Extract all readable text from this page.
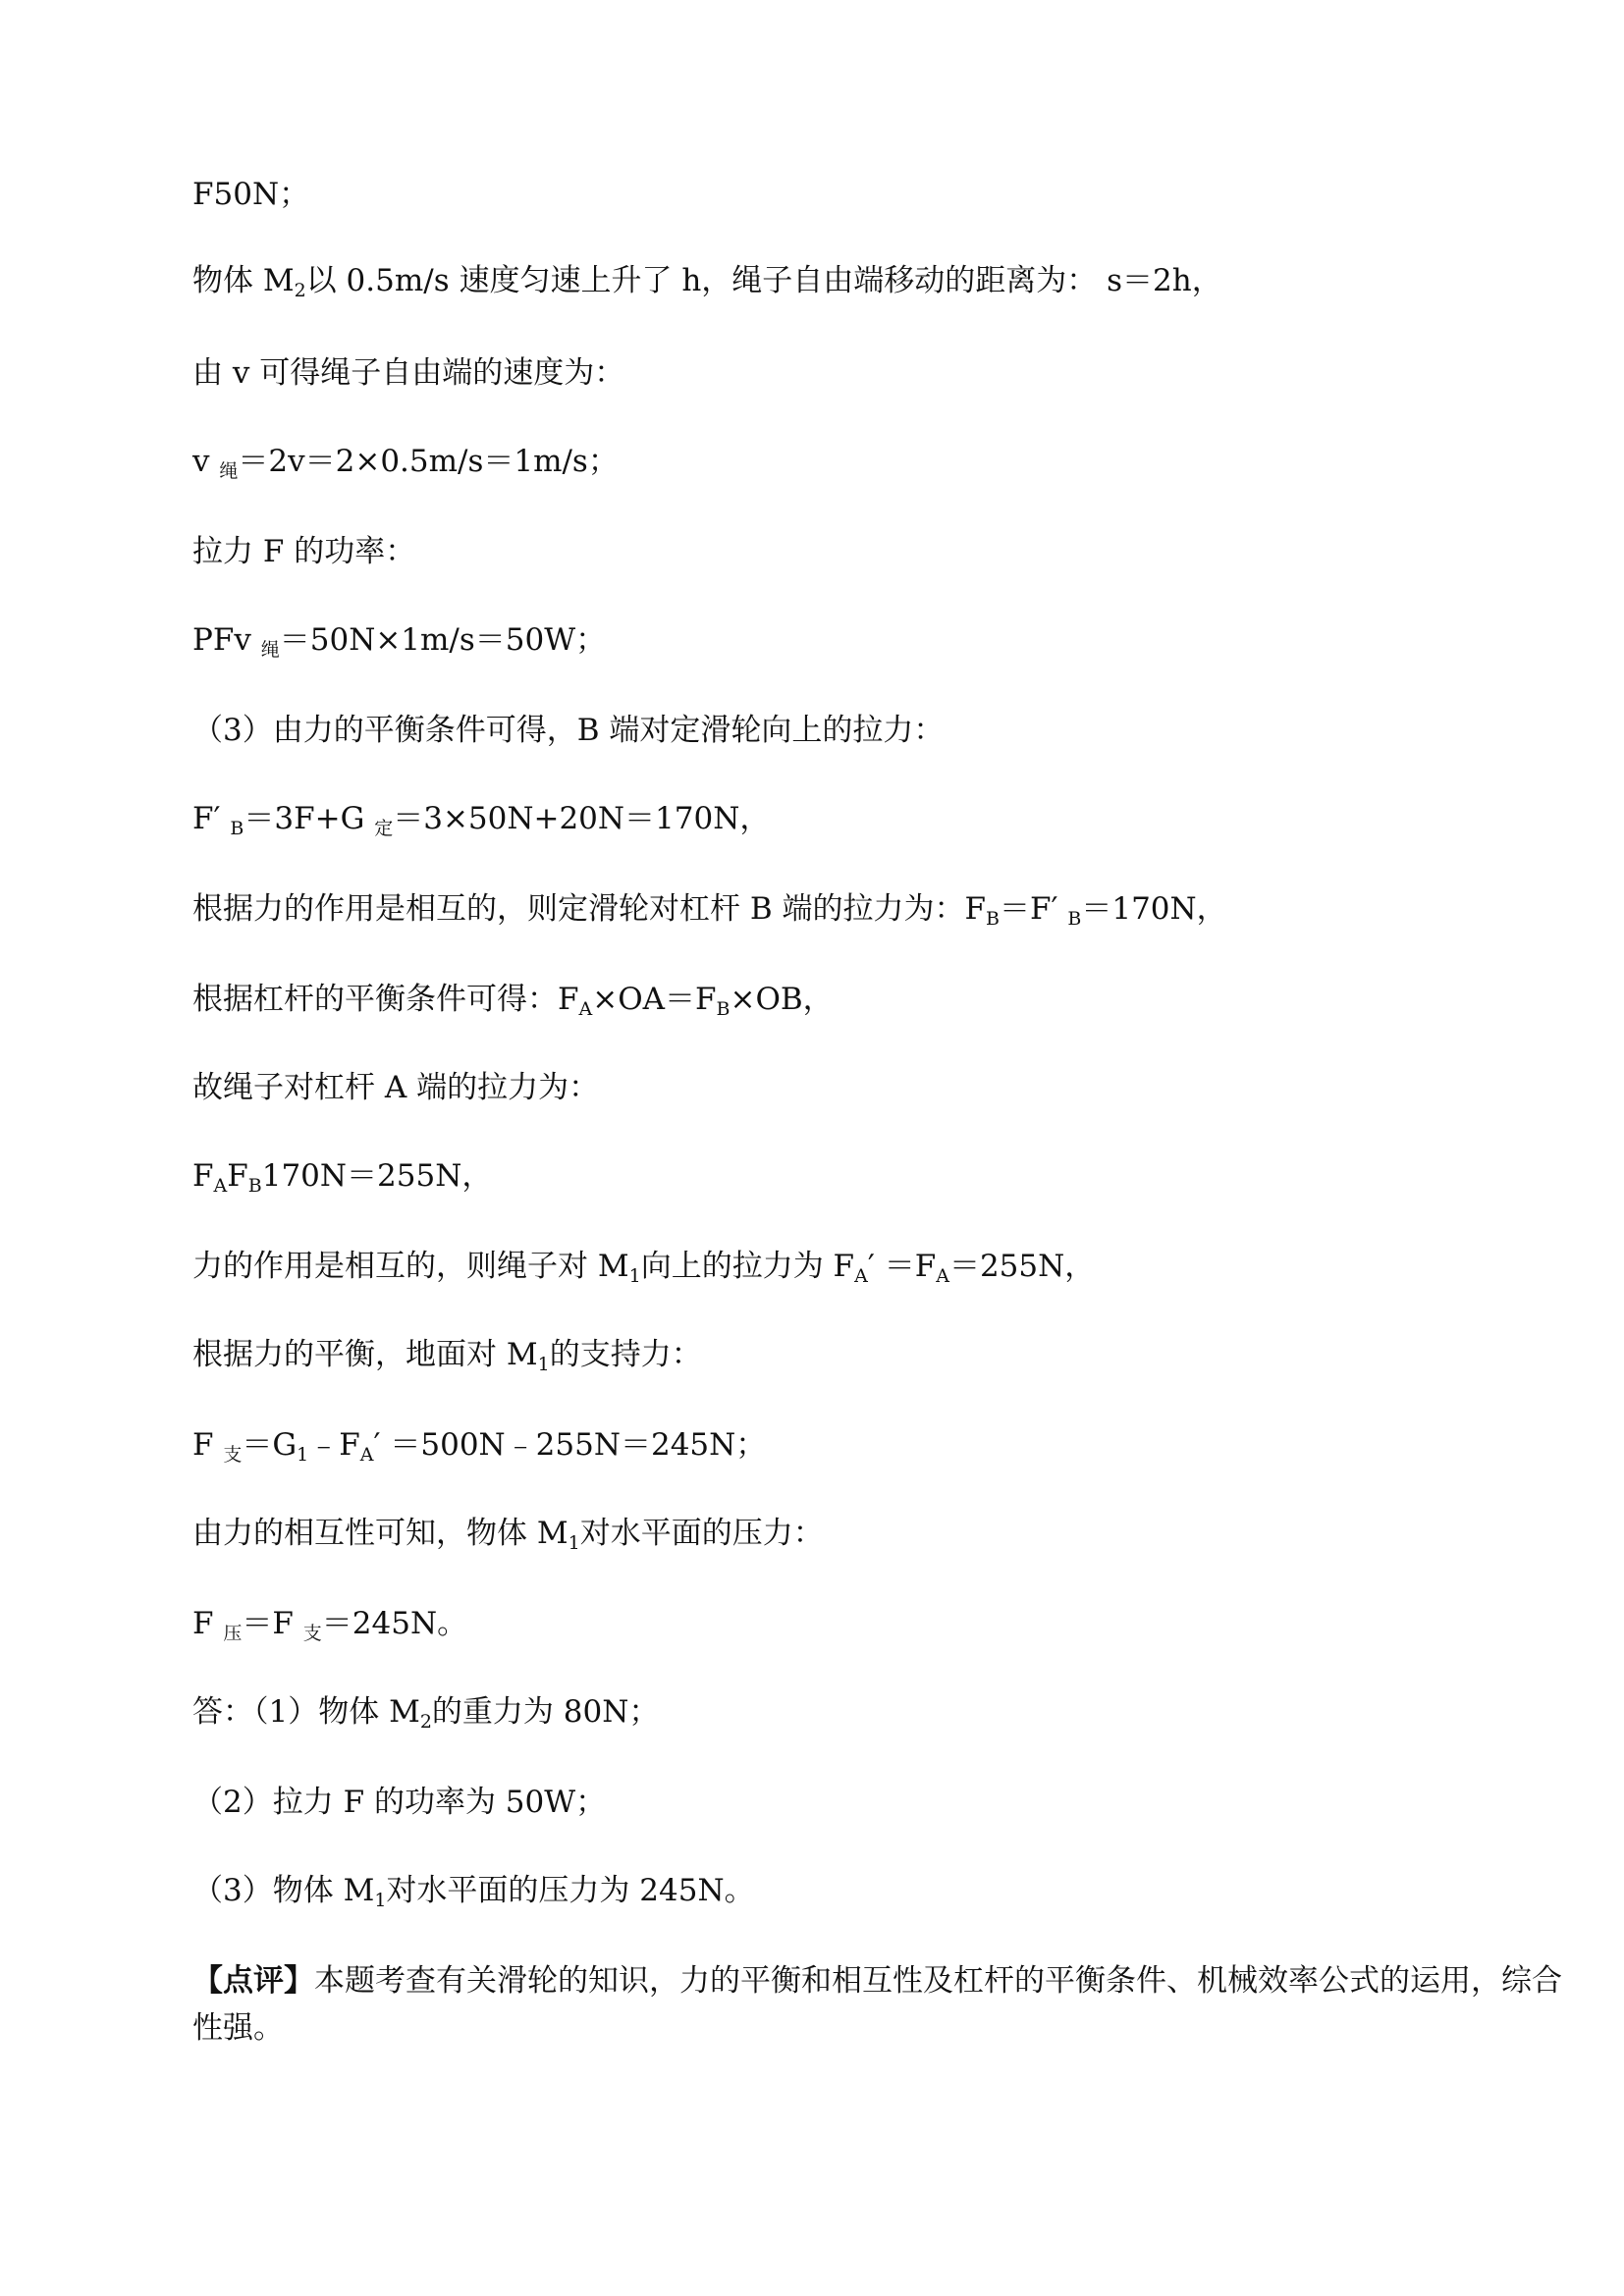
F50N；
物体 $M_2$以 0.5m/s 速度匀速上升了 h，绳子自由端移动的距离为： s＝2h，
由 v 可得绳子自由端的速度为：
v $_绳$＝2v＝2×0.5m/s＝1m/s；
拉力 F 的功率：
PFv $_绳$＝50N×1m/s＝50W；
（3）由力的平衡条件可得，B 端对定滑轮向上的拉力：
F′ $_B$＝3F+G $_定$＝3×50N+20N＝170N，
根据力的作用是相互的，则定滑轮对杠杆 B 端的拉力为：$F_B=F'$ $_B$＝170N，
根据杠杆的平衡条件可得：$F_A\times OA=F_B\times OB$，
故绳子对杠杆 A 端的拉力为：
$F_AF_B170N=255N$，
力的作用是相互的，则绳子对 $M_1$向上的拉力为 $F_A' =F_A=255N$，
根据力的平衡，地面对 $M_1$的支持力：
F $_支=G_1﹣F_A'$ ＝500N﹣255N＝245N；
由力的相互性可知，物体 $M_1$对水平面的压力：
F $_压$＝F $_支$＝245N。
答：（1）物体 $M_2$的重力为 80N；
（2）拉力 F 的功率为 50W；
（3）物体 $M_1$对水平面的压力为 245N。
【点评】本题考查有关滑轮的知识，力的平衡和相互性及杠杆的平衡条件、机械效率公式的运用，综合
性强。
